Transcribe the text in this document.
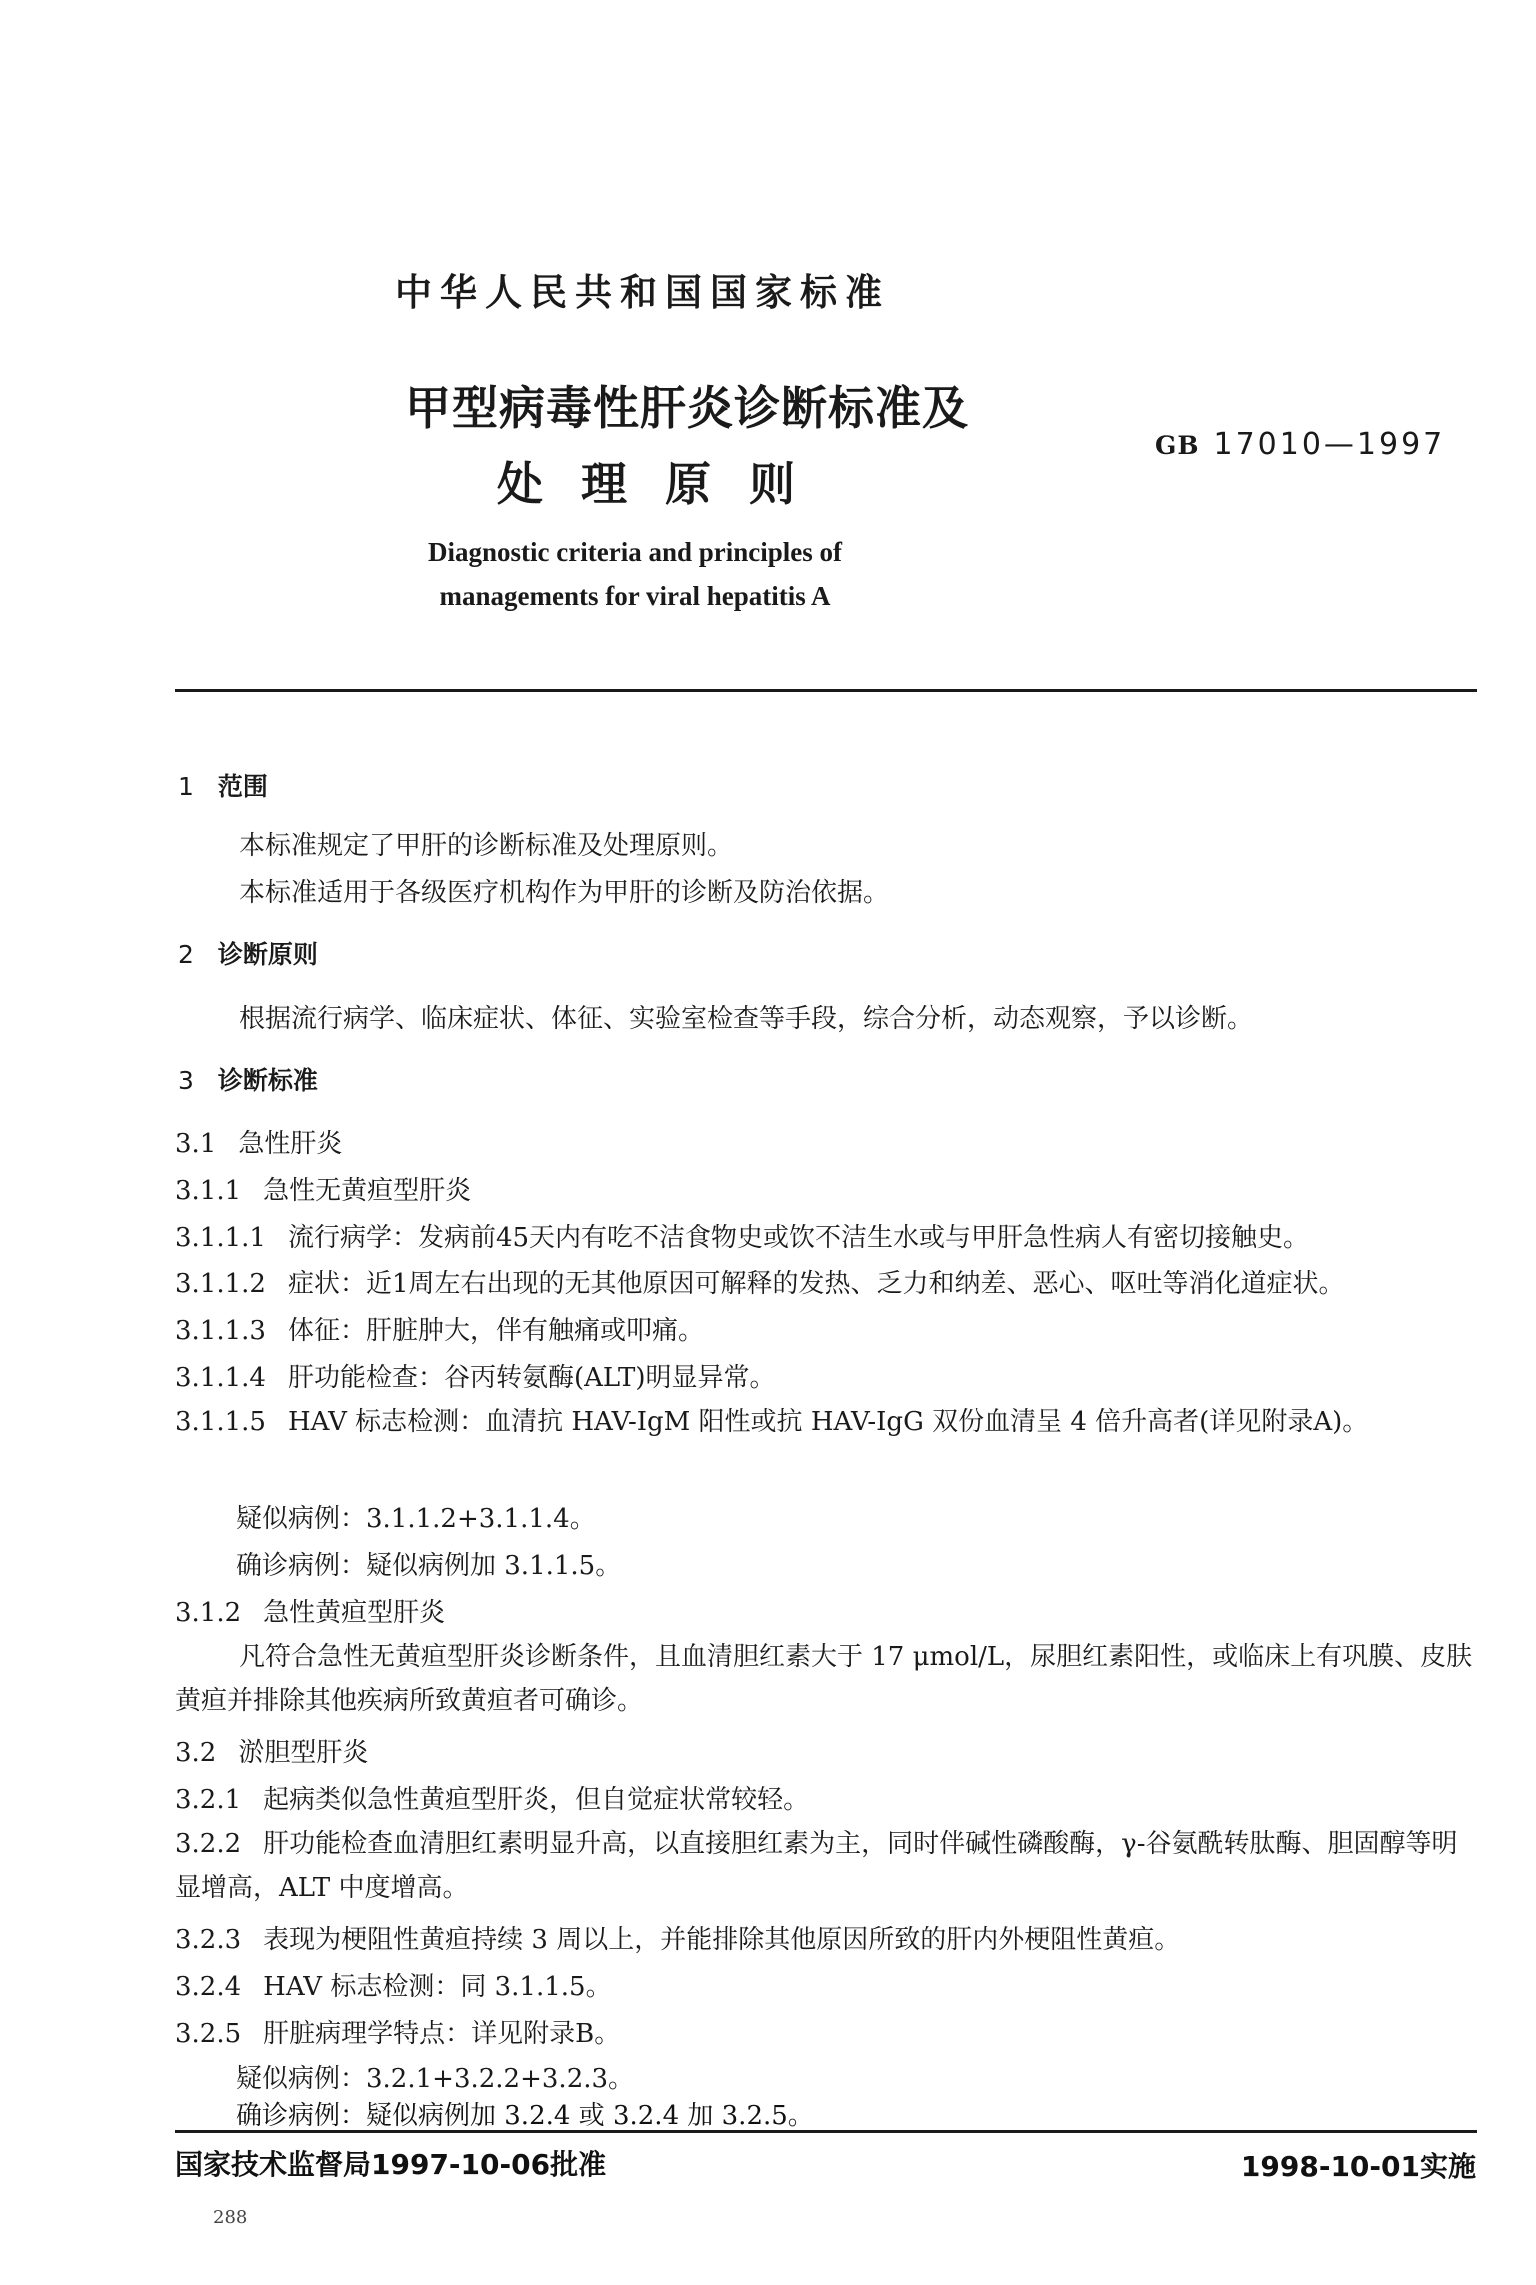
中华人民共和国国家标准
甲型病毒性肝炎诊断标准及
处理原则
GB 17010—1997
Diagnostic criteria and principles of
managements for viral hepatitis A
1 范围
本标准规定了甲肝的诊断标准及处理原则。
本标准适用于各级医疗机构作为甲肝的诊断及防治依据。
2 诊断原则
根据流行病学、临床症状、体征、实验室检查等手段，综合分析，动态观察，予以诊断。
3 诊断标准
3.1 急性肝炎
3.1.1 急性无黄疸型肝炎
3.1.1.1 流行病学：发病前45天内有吃不洁食物史或饮不洁生水或与甲肝急性病人有密切接触史。
3.1.1.2 症状：近1周左右出现的无其他原因可解释的发热、乏力和纳差、恶心、呕吐等消化道症状。
3.1.1.3 体征：肝脏肿大，伴有触痛或叩痛。
3.1.1.4 肝功能检查：谷丙转氨酶(ALT)明显异常。
3.1.1.5 HAV 标志检测：血清抗 HAV-IgM 阳性或抗 HAV-IgG 双份血清呈 4 倍升高者(详见附录A)。
疑似病例：3.1.1.2+3.1.1.4。
确诊病例：疑似病例加 3.1.1.5。
3.1.2 急性黄疸型肝炎
凡符合急性无黄疸型肝炎诊断条件，且血清胆红素大于 17 μmol/L，尿胆红素阳性，或临床上有巩膜、皮肤黄疸并排除其他疾病所致黄疸者可确诊。
3.2 淤胆型肝炎
3.2.1 起病类似急性黄疸型肝炎，但自觉症状常较轻。
3.2.2 肝功能检查血清胆红素明显升高，以直接胆红素为主，同时伴碱性磷酸酶，γ-谷氨酰转肽酶、胆固醇等明显增高，ALT 中度增高。
3.2.3 表现为梗阻性黄疸持续 3 周以上，并能排除其他原因所致的肝内外梗阻性黄疸。
3.2.4 HAV 标志检测：同 3.1.1.5。
3.2.5 肝脏病理学特点：详见附录B。
疑似病例：3.2.1+3.2.2+3.2.3。
确诊病例：疑似病例加 3.2.4 或 3.2.4 加 3.2.5。
国家技术监督局1997-10-06批准	1998-10-01实施
288
